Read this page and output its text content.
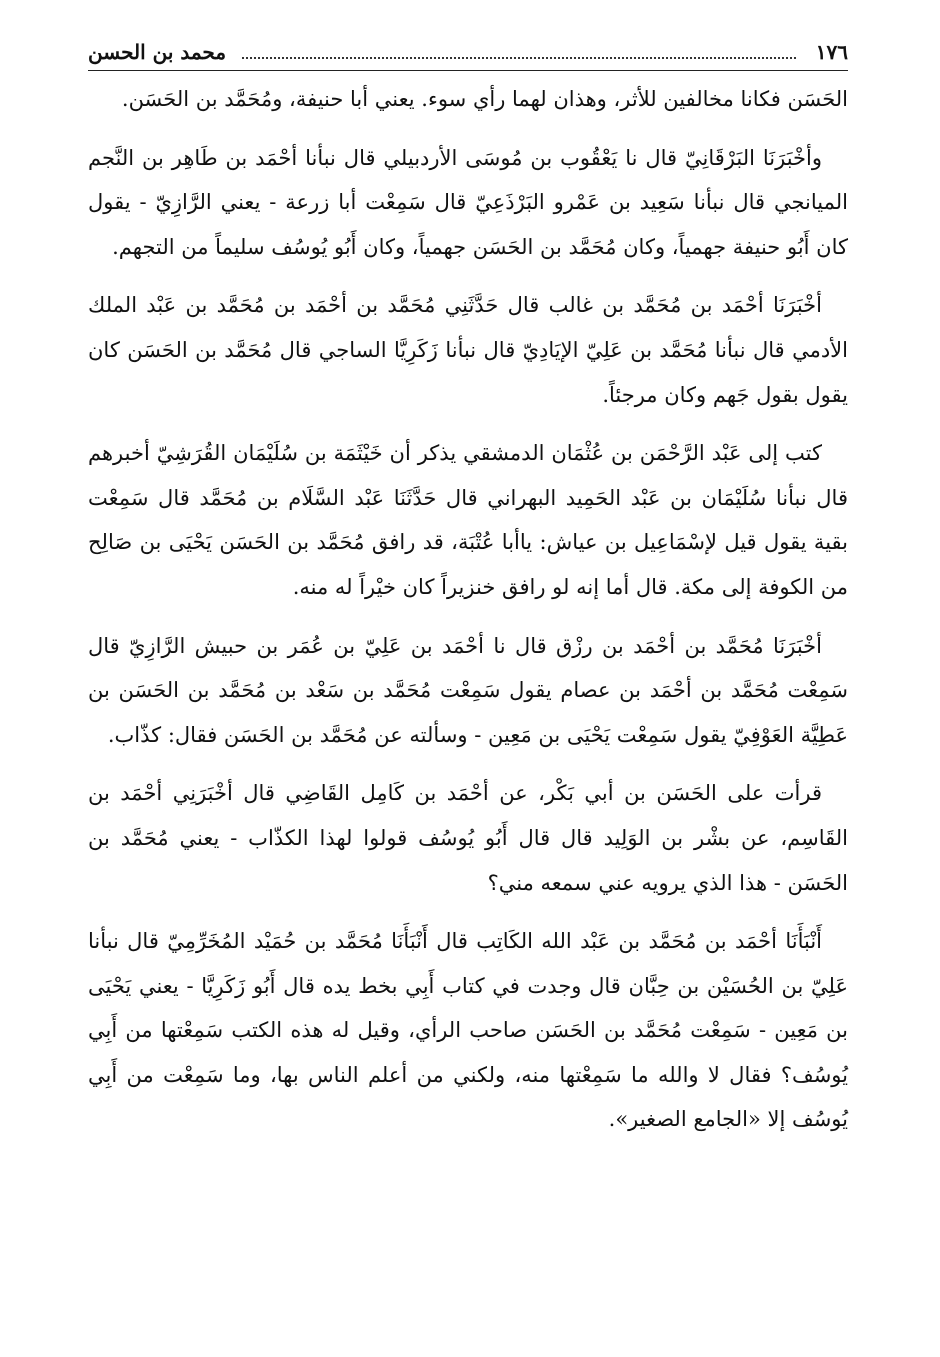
١٧٦
محمد بن الحسن

الحَسَن فكانا مخالفين للأثر، وهذان لهما رأي سوء. يعني أبا حنيفة، ومُحَمَّد بن الحَسَن.

وأخْبَرَنَا البَرْقَانِيّ قال نا يَعْقُوب بن مُوسَى الأردبيلي قال نبأنا أحْمَد بن طَاهِر بن النَّجم الميانجي قال نبأنا سَعِيد بن عَمْرو البَرْذَعِيّ قال سَمِعْت أبا زرعة - يعني الرَّازِيّ - يقول كان أَبُو حنيفة جهمياً، وكان مُحَمَّد بن الحَسَن جهمياً، وكان أَبُو يُوسُف سليماً من التجهم.

أخْبَرَنَا أحْمَد بن مُحَمَّد بن غالب قال حَدَّثَنِي مُحَمَّد بن أحْمَد بن مُحَمَّد بن عَبْد الملك الأدمي قال نبأنا مُحَمَّد بن عَلِيّ الإيَادِيّ قال نبأنا زَكَرِيَّا الساجي قال مُحَمَّد بن الحَسَن كان يقول بقول جَهم وكان مرجئاً.

كتب إلى عَبْد الرَّحْمَن بن عُثْمَان الدمشقي يذكر أن خَيْثَمَة بن سُلَيْمَان القُرَشِيّ أخبرهم قال نبأنا سُلَيْمَان بن عَبْد الحَمِيد البهراني قال حَدَّثَنَا عَبْد السَّلَام بن مُحَمَّد قال سَمِعْت بقية يقول قيل لإسْمَاعِيل بن عياش: ياأبا عُتْبَة، قد رافق مُحَمَّد بن الحَسَن يَحْيَى بن صَالِح من الكوفة إلى مكة. قال أما إنه لو رافق خنزيراً كان خيْراً له منه.

أخْبَرَنَا مُحَمَّد بن أحْمَد بن رزْق قال نا أحْمَد بن عَلِيّ بن عُمَر بن حبيش الرَّازِيّ قال سَمِعْت مُحَمَّد بن أحْمَد بن عصام يقول سَمِعْت مُحَمَّد بن سَعْد بن مُحَمَّد بن الحَسَن بن عَطِيَّة العَوْفِيّ يقول سَمِعْت يَحْيَى بن مَعِين - وسألته عن مُحَمَّد بن الحَسَن فقال: كذّاب.

قرأت على الحَسَن بن أبي بَكْر، عن أحْمَد بن كَامِل القَاضِي قال أخْبَرَنِي أحْمَد بن القَاسِم، عن بشْر بن الوَلِيد قال قال أَبُو يُوسُف قولوا لهذا الكذّاب - يعني مُحَمَّد بن الحَسَن - هذا الذي يرويه عني سمعه مني؟

أَنْبَأَنَا أحْمَد بن مُحَمَّد بن عَبْد الله الكَاتِب قال أَنْبَأَنَا مُحَمَّد بن حُمَيْد المُخَرِّمِيّ قال نبأنا عَلِيّ بن الحُسَيْن بن حِبَّان قال وجدت في كتاب أَبِي بخط يده قال أَبُو زَكَرِيَّا - يعني يَحْيَى بن مَعِين - سَمِعْت مُحَمَّد بن الحَسَن صاحب الرأي، وقيل له هذه الكتب سَمِعْتها من أَبِي يُوسُف؟ فقال لا والله ما سَمِعْتها منه، ولكني من أعلم الناس بها، وما سَمِعْت من أَبِي يُوسُف إلا «الجامع الصغير».
